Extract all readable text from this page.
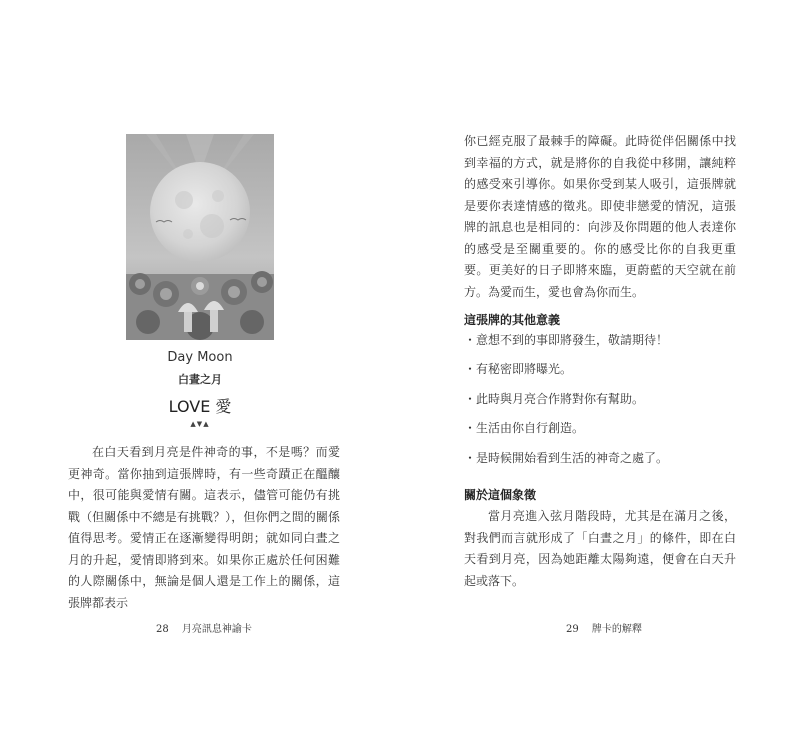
Day Moon
白晝之月
LOVE 愛
▲▼▲

在白天看到月亮是件神奇的事，不是嗎？而愛更神奇。當你抽到這張牌時，有一些奇蹟正在醞釀中，很可能與愛情有關。這表示，儘管可能仍有挑戰（但關係中不總是有挑戰？），但你們之間的關係值得思考。愛情正在逐漸變得明朗；就如同白晝之月的升起，愛情即將到來。如果你正處於任何困難的人際關係中，無論是個人還是工作上的關係，這張牌都表示

28 月亮訊息神諭卡

你已經克服了最棘手的障礙。此時從伴侶關係中找到幸福的方式，就是將你的自我從中移開，讓純粹的感受來引導你。如果你受到某人吸引，這張牌就是要你表達情感的徵兆。即使非戀愛的情況，這張牌的訊息也是相同的：向涉及你問題的他人表達你的感受是至關重要的。你的感受比你的自我更重要。更美好的日子即將來臨，更蔚藍的天空就在前方。為愛而生，愛也會為你而生。

這張牌的其他意義
・意想不到的事即將發生，敬請期待！
・有秘密即將曝光。
・此時與月亮合作將對你有幫助。
・生活由你自行創造。
・是時候開始看到生活的神奇之處了。
關於這個象徵

當月亮進入弦月階段時，尤其是在滿月之後，對我們而言就形成了「白晝之月」的條件，即在白天看到月亮，因為她距離太陽夠遠，便會在白天升起或落下。

29 牌卡的解釋
